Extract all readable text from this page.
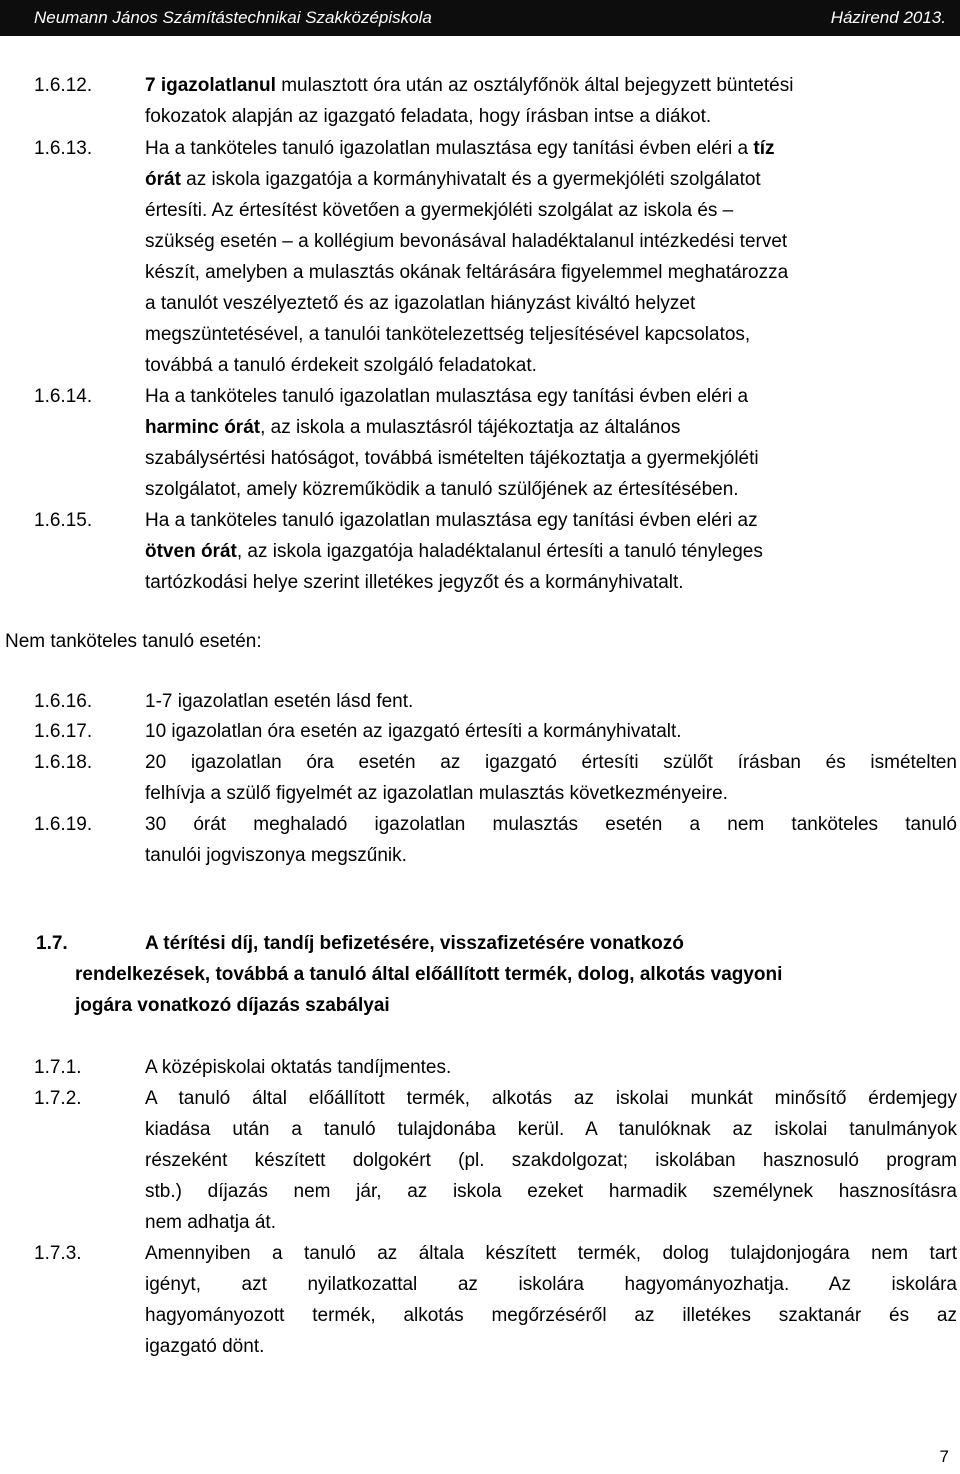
Neumann János Számítástechnikai Szakközépiskola	Házirend 2013.
1.6.12.	7 igazolatlanul mulasztott óra után az osztályfőnök által bejegyzett büntetési
fokozatok alapján az igazgató feladata, hogy írásban intse a diákot.
1.6.13.	Ha a tanköteles tanuló igazolatlan mulasztása egy tanítási évben eléri a tíz
órát az iskola igazgatója a kormányhivatalt és a gyermekjóléti szolgálatot
értesíti. Az értesítést követően a gyermekjóléti szolgálat az iskola és –
szükség esetén – a kollégium bevonásával haladéktalanul intézkedési tervet
készít, amelyben a mulasztás okának feltárására figyelemmel meghatározza
a tanulót veszélyeztető és az igazolatlan hiányzást kiváltó helyzet
megszüntetésével, a tanulói tankötelezettség teljesítésével kapcsolatos,
továbbá a tanuló érdekeit szolgáló feladatokat.
1.6.14.	Ha a tanköteles tanuló igazolatlan mulasztása egy tanítási évben eléri a
harminc órát, az iskola a mulasztásról tájékoztatja az általános
szabálysértési hatóságot, továbbá ismételten tájékoztatja a gyermekjóléti
szolgálatot, amely közreműködik a tanuló szülőjének az értesítésében.
1.6.15.	Ha a tanköteles tanuló igazolatlan mulasztása egy tanítási évben eléri az
ötven órát, az iskola igazgatója haladéktalanul értesíti a tanuló tényleges
tartózkodási helye szerint illetékes jegyzőt és a kormányhivatalt.
Nem tanköteles tanuló esetén:
1.6.16.	1-7 igazolatlan esetén lásd fent.
1.6.17.	10 igazolatlan óra esetén az igazgató értesíti a kormányhivatalt.
1.6.18.	20 igazolatlan óra esetén az igazgató értesíti szülőt írásban és ismételten
felhívja a szülő figyelmét az igazolatlan mulasztás következményeire.
1.6.19.	30 órát meghaladó igazolatlan mulasztás esetén a nem tanköteles tanuló
tanulói jogviszonya megszűnik.
1.7.	A térítési díj, tandíj befizetésére, visszafizetésére vonatkozó
rendelkezések, továbbá a tanuló által előállított termék, dolog, alkotás vagyoni
jogára vonatkozó díjazás szabályai
1.7.1.	A középiskolai oktatás tandíjmentes.
1.7.2.	A tanuló által előállított termék, alkotás az iskolai munkát minősítő érdemjegy
kiadása után a tanuló tulajdonába kerül. A tanulóknak az iskolai tanulmányok
részeként készített dolgokért (pl. szakdolgozat; iskolában hasznosuló program
stb.) díjazás nem jár, az iskola ezeket harmadik személynek hasznosításra
nem adhatja át.
1.7.3.	Amennyiben a tanuló az általa készített termék, dolog tulajdonjogára nem tart
igényt, azt nyilatkozattal az iskolára hagyományozhatja. Az iskolára
hagyományozott termék, alkotás megőrzéséről az illetékes szaktanár és az
igazgató dönt.
7
